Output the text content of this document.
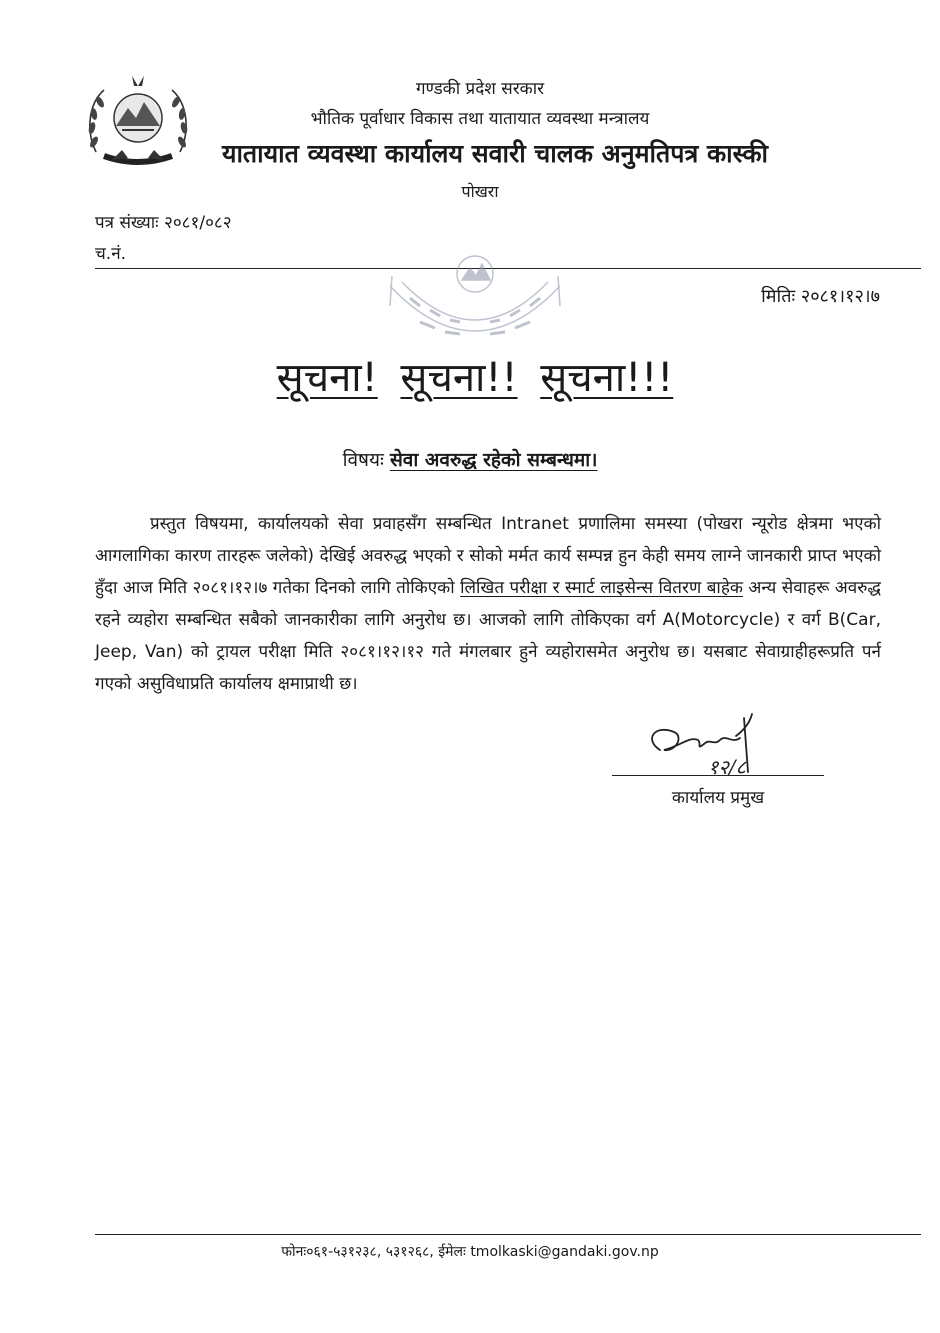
गण्डकी प्रदेश सरकार
भौतिक पूर्वाधार विकास तथा यातायात व्यवस्था मन्त्रालय
यातायात व्यवस्था कार्यालय सवारी चालक अनुमतिपत्र कास्की
पोखरा
पत्र संख्याः २०८१/०८२
च.नं.
मितिः २०८१।१२।७
सूचना! सूचना!! सूचना!!!
विषयः सेवा अवरुद्ध रहेको सम्बन्धमा।

प्रस्तुत विषयमा, कार्यालयको सेवा प्रवाहसँग सम्बन्धित Intranet प्रणालिमा समस्या (पोखरा न्यूरोड क्षेत्रमा भएको आगलागिका कारण तारहरू जलेको) देखिई अवरुद्ध भएको र सोको मर्मत कार्य सम्पन्न हुन केही समय लाग्ने जानकारी प्राप्त भएको हुँदा आज मिति २०८१।१२।७ गतेका दिनको लागि तोकिएको लिखित परीक्षा र स्मार्ट लाइसेन्स वितरण बाहेक अन्य सेवाहरू अवरुद्ध रहने व्यहोरा सम्बन्धित सबैको जानकारीका लागि अनुरोध छ। आजको लागि तोकिएका वर्ग A(Motorcycle) र वर्ग B(Car, Jeep, Van) को ट्रायल परीक्षा मिति २०८१।१२।१२ गते मंगलबार हुने व्यहोरासमेत अनुरोध छ। यसबाट सेवाग्राहीहरूप्रति पर्न गएको असुविधाप्रति कार्यालय क्षमाप्राथी छ।

१२/८
कार्यालय प्रमुख
फोनः०६१-५३१२३८, ५३१२६८, ईमेलः tmolkaski@gandaki.gov.np
